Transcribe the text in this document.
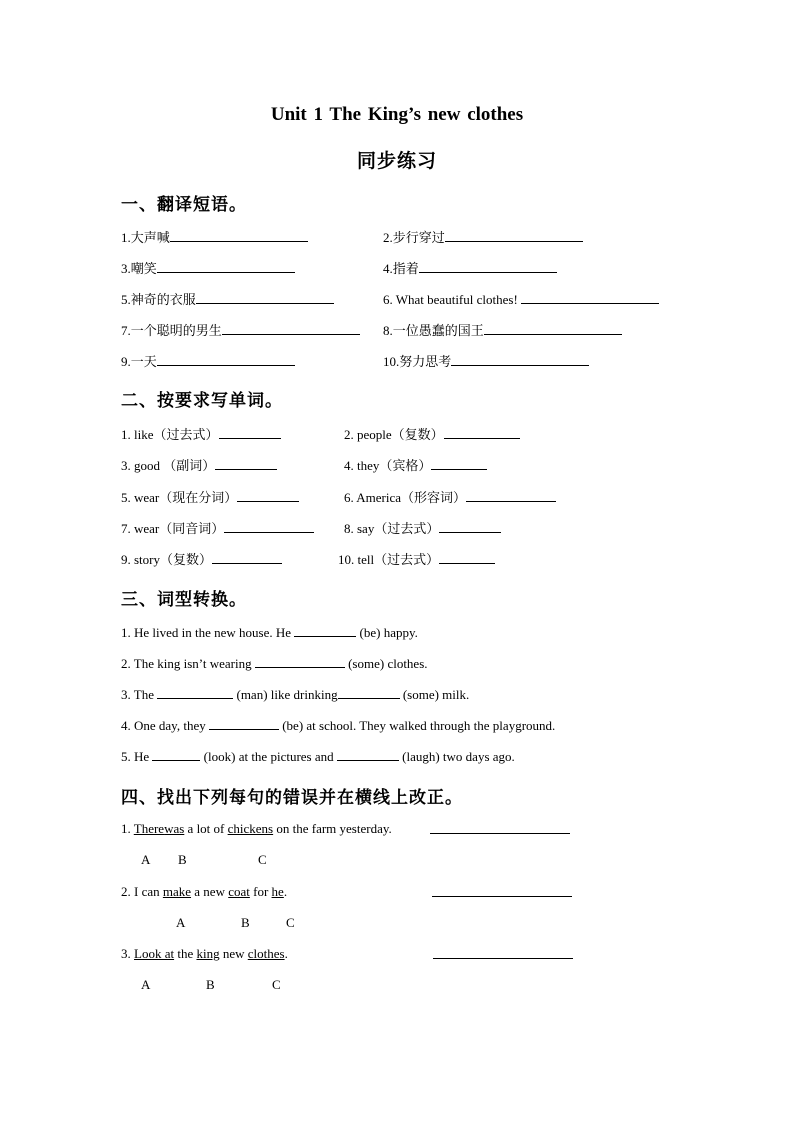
Unit 1 The King’s new clothes
同步练习
一、翻译短语。
1.大声喊	2.步行穿过
3.嘲笑	4.指着
5.神奇的衣服	6. What beautiful clothes!
7.一个聪明的男生	8.一位愚蠢的国王
9.一天	10.努力思考
二、按要求写单词。
1. like（过去式）	2. people（复数）
3. good （副词）	4. they（宾格）
5. wear（现在分词）	6. America（形容词）
7. wear（同音词）	8. say（过去式）
9. story（复数）	10. tell（过去式）
三、词型转换。
1. He lived in the new house. He	(be) happy.
2. The king isn’t wearing	(some) clothes.
3. The	(man) like drinking	(some) milk.
4. One day, they	(be) at school. They walked through the playground.
5. He	(look) at the pictures and	(laugh) two days ago.
四、找出下列每句的错误并在横线上改正。
1. Therewas a lot of chickens on the farm yesterday.
A B	C
2. I can make a new coat for he.
A	B	C
3. Look at the king new clothes.
A	B	C
